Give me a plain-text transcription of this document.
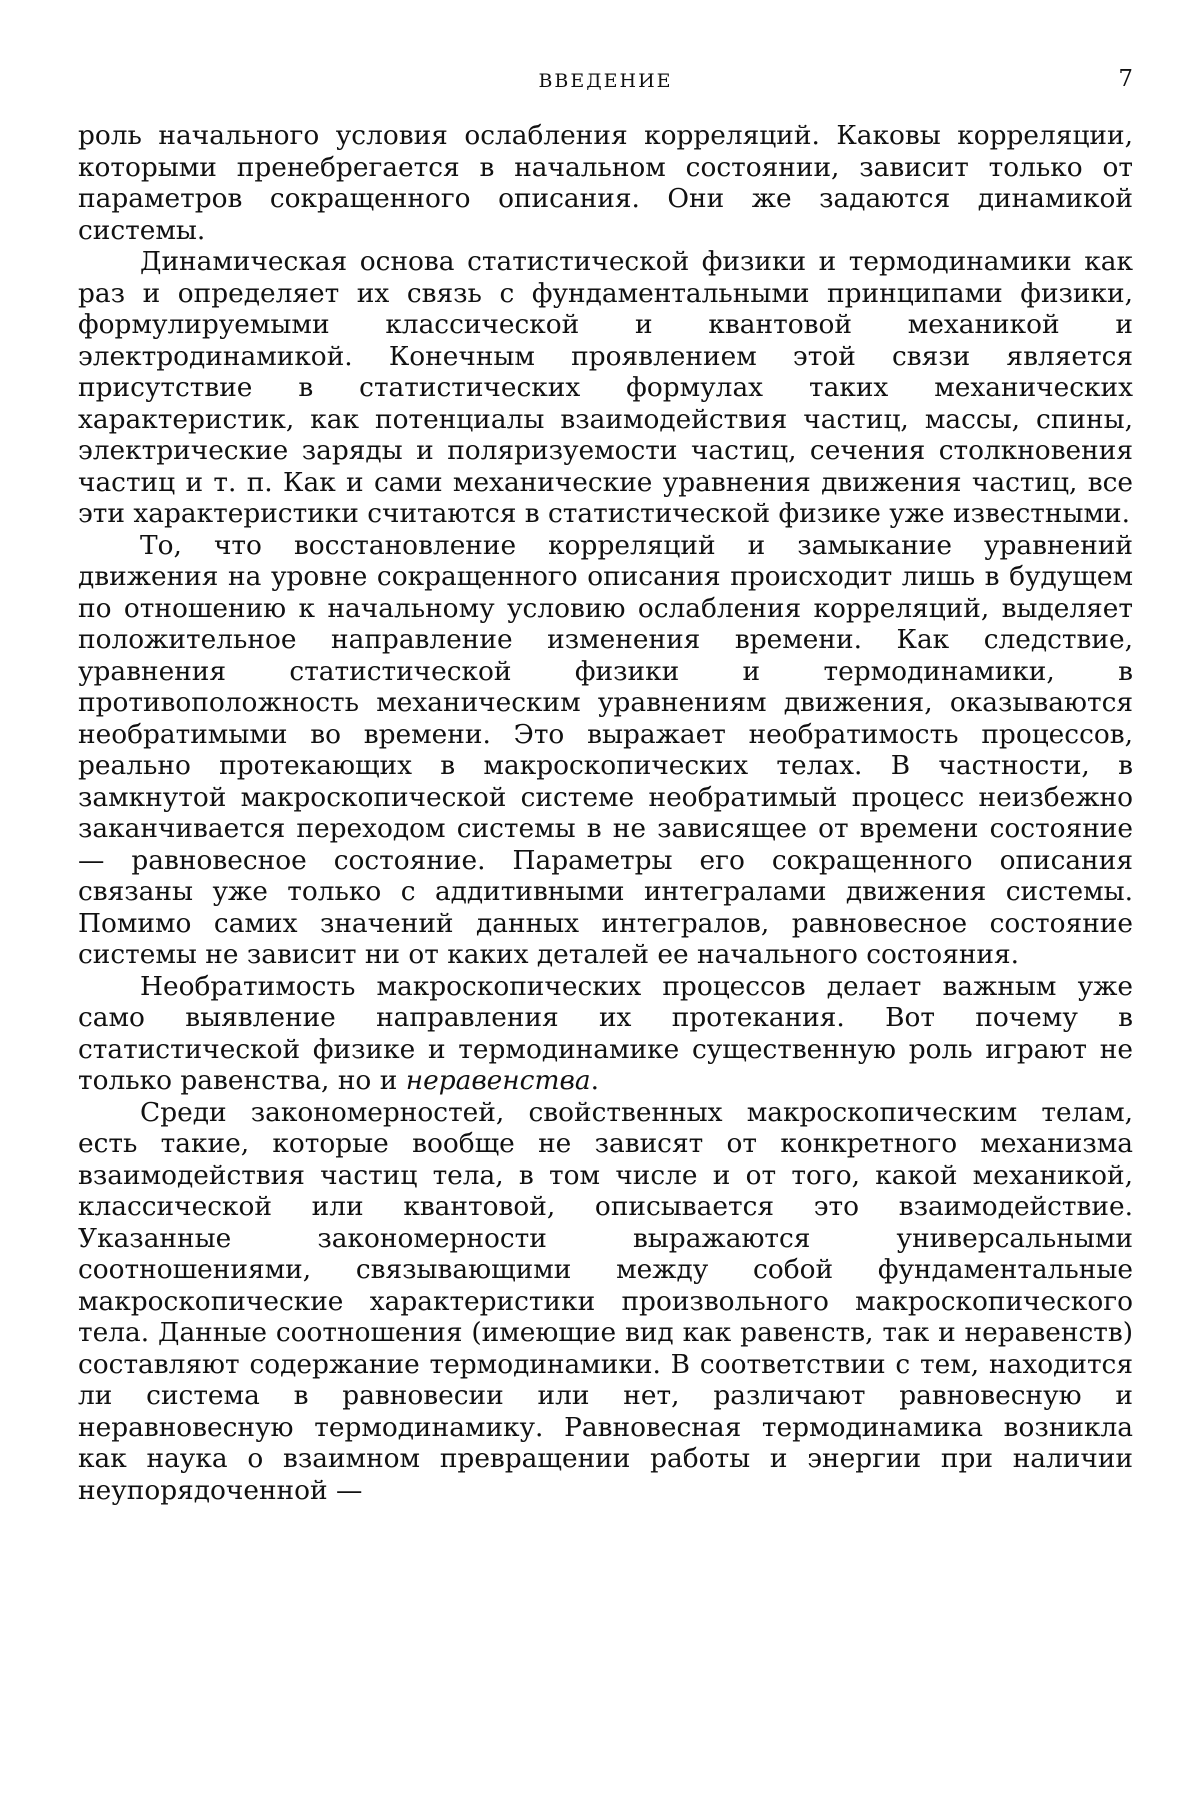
ВВЕДЕНИЕ	7

роль начального условия ослабления корреляций. Каковы корреляции, которыми пренебрегается в начальном состоянии, зависит только от параметров сокращенного описания. Они же задаются динамикой системы.

Динамическая основа статистической физики и термодинамики как раз и определяет их связь с фундаментальными принципами физики, формулируемыми классической и квантовой механикой и электродинамикой. Конечным проявлением этой связи является присутствие в статистических формулах таких механических характеристик, как потенциалы взаимодействия частиц, массы, спины, электрические заряды и поляризуемости частиц, сечения столкновения частиц и т. п. Как и сами механические уравнения движения частиц, все эти характеристики считаются в статистической физике уже известными.

То, что восстановление корреляций и замыкание уравнений движения на уровне сокращенного описания происходит лишь в будущем по отношению к начальному условию ослабления корреляций, выделяет положительное направление изменения времени. Как следствие, уравнения статистической физики и термодинамики, в противоположность механическим уравнениям движения, оказываются необратимыми во времени. Это выражает необратимость процессов, реально протекающих в макроскопических телах. В частности, в замкнутой макроскопической системе необратимый процесс неизбежно заканчивается переходом системы в не зависящее от времени состояние — равновесное состояние. Параметры его сокращенного описания связаны уже только с аддитивными интегралами движения системы. Помимо самих значений данных интегралов, равновесное состояние системы не зависит ни от каких деталей ее начального состояния.

Необратимость макроскопических процессов делает важным уже само выявление направления их протекания. Вот почему в статистической физике и термодинамике существенную роль играют не только равенства, но и неравенства.

Среди закономерностей, свойственных макроскопическим телам, есть такие, которые вообще не зависят от конкретного механизма взаимодействия частиц тела, в том числе и от того, какой механикой, классической или квантовой, описывается это взаимодействие. Указанные закономерности выражаются универсальными соотношениями, связывающими между собой фундаментальные макроскопические характеристики произвольного макроскопического тела. Данные соотношения (имеющие вид как равенств, так и неравенств) составляют содержание термодинамики. В соответствии с тем, находится ли система в равновесии или нет, различают равновесную и неравновесную термодинамику. Равновесная термодинамика возникла как наука о взаимном превращении работы и энергии при наличии неупорядоченной —
